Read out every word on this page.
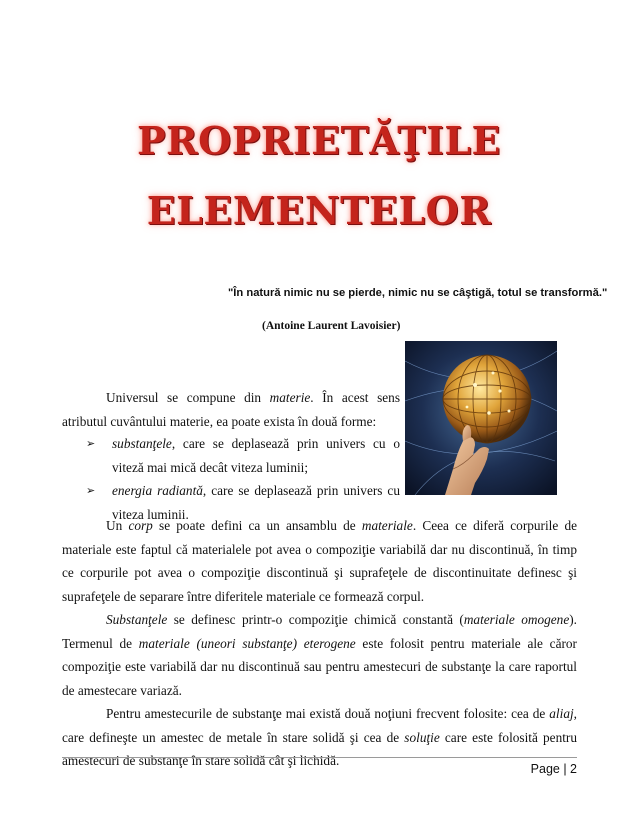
PROPRIETĂŢILE
ELEMENTELOR
"În natură nimic nu se pierde, nimic nu se câştigă, totul se transformă."
(Antoine Laurent Lavoisier)
Universul se compune din materie. În acest sens atributul cuvântului materie, ea poate exista în două forme:
➢ substanţele, care se deplasează prin univers cu o viteză mai mică decât viteza luminii;
➢ energia radiantă, care se deplasează prin univers cu viteza luminii.
Un corp se poate defini ca un ansamblu de materiale. Ceea ce diferă corpurile de materiale este faptul că materialele pot avea o compoziţie variabilă dar nu discontinuă, în timp ce corpurile pot avea o compoziţie discontinuă şi suprafeţele de discontinuitate definesc şi suprafeţele de separare între diferitele materiale ce formează corpul.
Substanţele se definesc printr-o compoziţie chimică constantă (materiale omogene). Termenul de materiale (uneori substanţe) eterogene este folosit pentru materiale ale căror compoziţie este variabilă dar nu discontinuă sau pentru amestecuri de substanţe la care raportul de amestecare variază.
Pentru amestecurile de substanţe mai există două noţiuni frecvent folosite: cea de aliaj, care defineşte un amestec de metale în stare solidă şi cea de soluţie care este folosită pentru amestecuri de substanţe în stare solidă cât şi lichidă.
Page | 2
